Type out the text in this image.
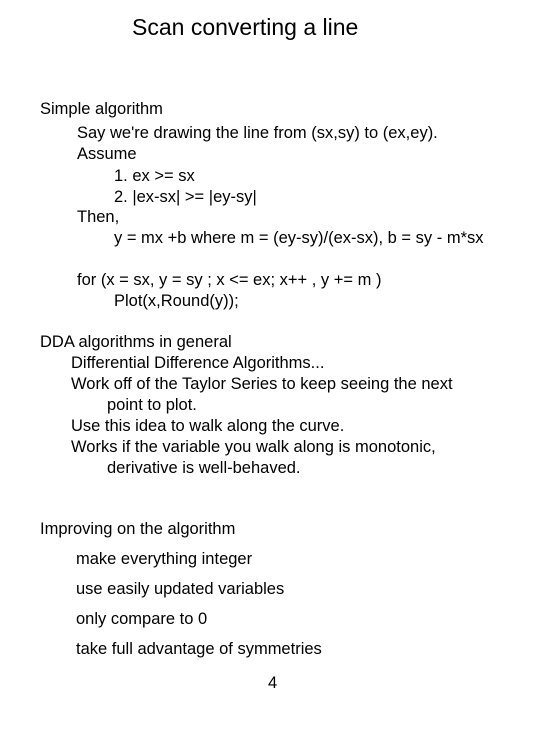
Scan converting a line
Simple algorithm
Say we're drawing the line from (sx,sy) to (ex,ey).
Assume
1. ex >= sx
2. |ex-sx| >= |ey-sy|
Then,
y = mx +b where m = (ey-sy)/(ex-sx), b = sy - m*sx
for (x = sx, y = sy ; x <= ex; x++ , y += m )
Plot(x,Round(y));
DDA algorithms in general
Differential Difference Algorithms...
Work off of the Taylor Series to keep seeing the next
point to plot.
Use this idea to walk along the curve.
Works if the variable you walk along is monotonic,
derivative is well-behaved.
Improving on the algorithm
make everything integer
use easily updated variables
only compare to 0
take full advantage of symmetries
4
